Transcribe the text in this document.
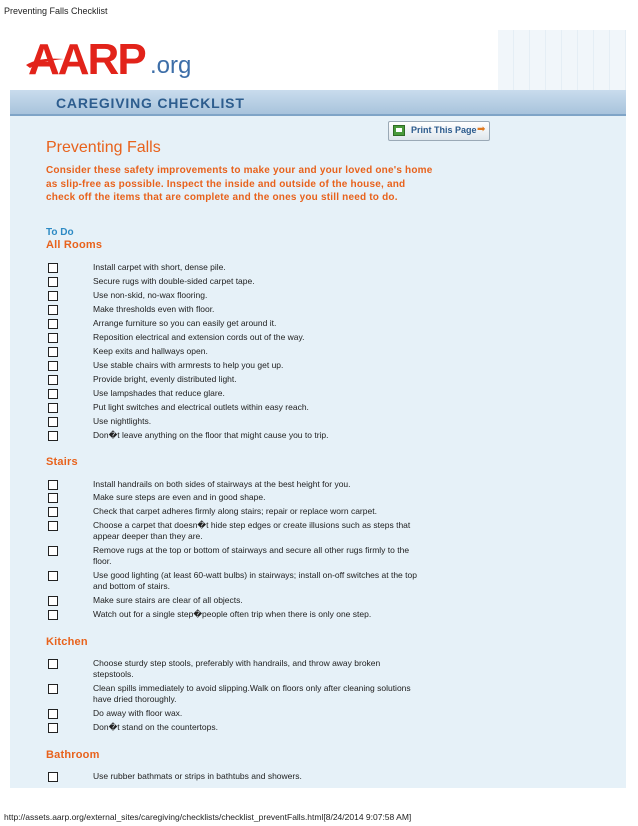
Preventing Falls Checklist
AARP .org
CAREGIVING CHECKLIST
Print This Page ➡
Preventing Falls
Consider these safety improvements to make your and your loved one's home as slip-free as possible. Inspect the inside and outside of the house, and check off the items that are complete and the ones you still need to do.
To Do
All Rooms
Install carpet with short, dense pile.
Secure rugs with double-sided carpet tape.
Use non-skid, no-wax flooring.
Make thresholds even with floor.
Arrange furniture so you can easily get around it.
Reposition electrical and extension cords out of the way.
Keep exits and hallways open.
Use stable chairs with armrests to help you get up.
Provide bright, evenly distributed light.
Use lampshades that reduce glare.
Put light switches and electrical outlets within easy reach.
Use nightlights.
Don�t leave anything on the floor that might cause you to trip.
Stairs
Install handrails on both sides of stairways at the best height for you.
Make sure steps are even and in good shape.
Check that carpet adheres firmly along stairs; repair or replace worn carpet.
Choose a carpet that doesn�t hide step edges or create illusions such as steps that appear deeper than they are.
Remove rugs at the top or bottom of stairways and secure all other rugs firmly to the floor.
Use good lighting (at least 60-watt bulbs) in stairways; install on-off switches at the top and bottom of stairs.
Make sure stairs are clear of all objects.
Watch out for a single step�people often trip when there is only one step.
Kitchen
Choose sturdy step stools, preferably with handrails, and throw away broken stepstools.
Clean spills immediately to avoid slipping.Walk on floors only after cleaning solutions have dried thoroughly.
Do away with floor wax.
Don�t stand on the countertops.
Bathroom
Use rubber bathmats or strips in bathtubs and showers.
http://assets.aarp.org/external_sites/caregiving/checklists/checklist_preventFalls.html[8/24/2014 9:07:58 AM]
